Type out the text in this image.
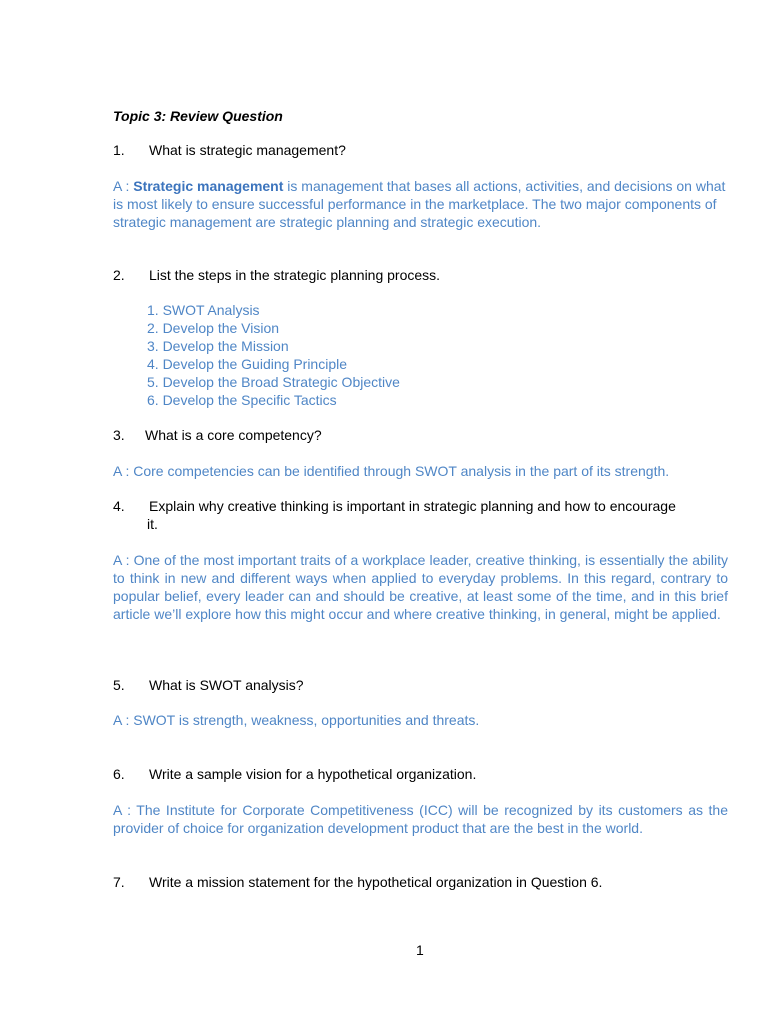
Topic 3: Review Question
1. What is strategic management?
A : Strategic management is management that bases all actions, activities, and decisions on what is most likely to ensure successful performance in the marketplace. The two major components of strategic management are strategic planning and strategic execution.
2. List the steps in the strategic planning process.
1. SWOT Analysis
2. Develop the Vision
3. Develop the Mission
4. Develop the Guiding Principle
5. Develop the Broad Strategic Objective
6. Develop the Specific Tactics
3. What is a core competency?
A : Core competencies can be identified through SWOT analysis in the part of its strength.
4. Explain why creative thinking is important in strategic planning and how to encourage
it.
A : One of the most important traits of a workplace leader, creative thinking, is essentially the ability to think in new and different ways when applied to everyday problems. In this regard, contrary to popular belief, every leader can and should be creative, at least some of the time, and in this brief article we’ll explore how this might occur and where creative thinking, in general, might be applied.
5. What is SWOT analysis?
A : SWOT is strength, weakness, opportunities and threats.
6. Write a sample vision for a hypothetical organization.
A : The Institute for Corporate Competitiveness (ICC) will be recognized by its customers as the provider of choice for organization development product that are the best in the world.
7. Write a mission statement for the hypothetical organization in Question 6.
1
